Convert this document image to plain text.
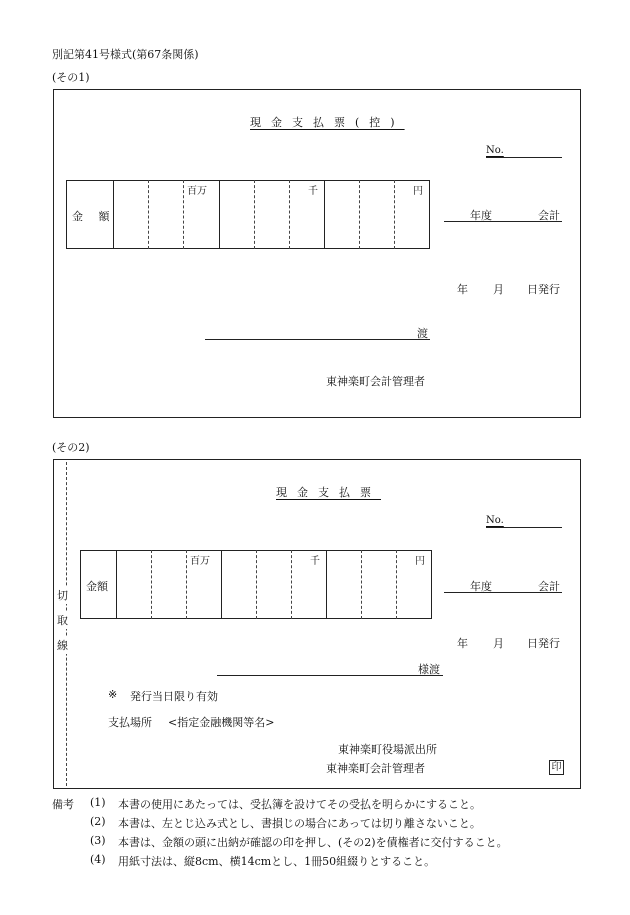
別記第41号様式(第67条関係)
(その1)
現金支払票(控)
No.
金 額
百万	千	円
年度	会計
年 月 日発行
渡
東神楽町会計管理者
(その2)
切
取
線
現金支払票
No.
金額
百万	千	円
年度	会計
年 月 日発行
様渡
※ 発行当日限り有効
支払場所 <指定金融機関等名>
東神楽町役場派出所
東神楽町会計管理者	印
備考 (1) 本書の使用にあたっては、受払簿を設けてその受払を明らかにすること。
(2) 本書は、左とじ込み式とし、書損じの場合にあっては切り離さないこと。
(3) 本書は、金額の頭に出納が確認の印を押し、(その2)を債権者に交付すること。
(4) 用紙寸法は、縦8cm、横14cmとし、1冊50組綴りとすること。
